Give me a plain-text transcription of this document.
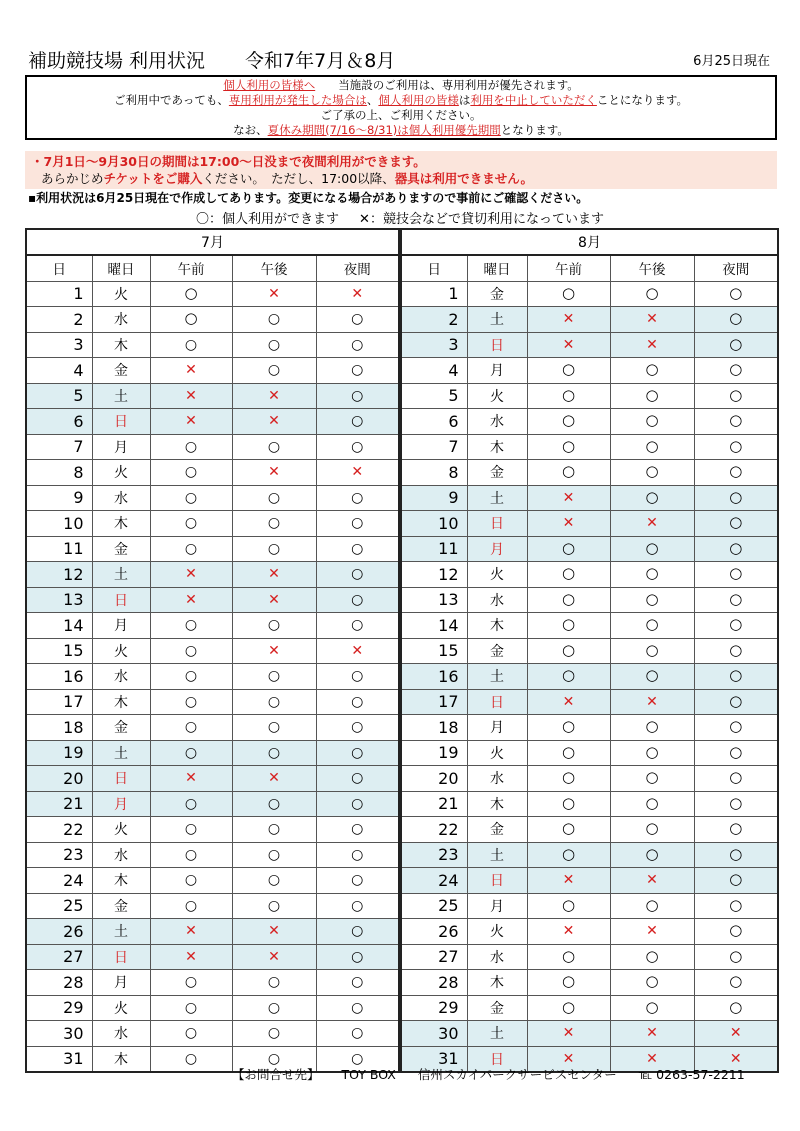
補助競技場 利用状況 令和7年7月＆8月	6月25日現在
個人利用の皆様へ　　 当施設のご利用は、専用利用が優先されます。
ご利用中であっても、専用利用が発生した場合は、個人利用の皆様は利用を中止していただくことになります。
ご了承の上、ご利用ください。
なお、夏休み期間(7/16～8/31)は個人利用優先期間となります。
・7月1日～9月30日の期間は17:00～日没まで夜間利用ができます。
あらかじめチケットをご購入ください。　ただし、17:00以降、器具は利用できません。
▪利用状況は6月25日現在で作成してあります。変更になる場合がありますので事前にご確認ください。
〇：個人利用ができます ✕：競技会などで貸切利用になっています
7月				
日	曜日	午前	午後	夜間
1	火	○	✕	✕
2	水	○	○	○
3	木	○	○	○
4	金	✕	○	○
5	土	✕	✕	○
6	日	✕	✕	○
7	月	○	○	○
8	火	○	✕	✕
9	水	○	○	○
10	木	○	○	○
11	金	○	○	○
12	土	✕	✕	○
13	日	✕	✕	○
14	月	○	○	○
15	火	○	✕	✕
16	水	○	○	○
17	木	○	○	○
18	金	○	○	○
19	土	○	○	○
20	日	✕	✕	○
21	月	○	○	○
22	火	○	○	○
23	水	○	○	○
24	木	○	○	○
25	金	○	○	○
26	土	✕	✕	○
27	日	✕	✕	○
28	月	○	○	○
29	火	○	○	○
30	水	○	○	○
31	木	○	○	○
8月				
日	曜日	午前	午後	夜間
1	金	○	○	○
2	土	✕	✕	○
3	日	✕	✕	○
4	月	○	○	○
5	火	○	○	○
6	水	○	○	○
7	木	○	○	○
8	金	○	○	○
9	土	✕	○	○
10	日	✕	✕	○
11	月	○	○	○
12	火	○	○	○
13	水	○	○	○
14	木	○	○	○
15	金	○	○	○
16	土	○	○	○
17	日	✕	✕	○
18	月	○	○	○
19	火	○	○	○
20	水	○	○	○
21	木	○	○	○
22	金	○	○	○
23	土	○	○	○
24	日	✕	✕	○
25	月	○	○	○
26	火	✕	✕	○
27	水	○	○	○
28	木	○	○	○
29	金	○	○	○
30	土	✕	✕	✕
31	日	✕	✕	✕
【お問合せ先】 TOY BOX 信州スカイパークサービスセンター ℡ 0263-57-2211
